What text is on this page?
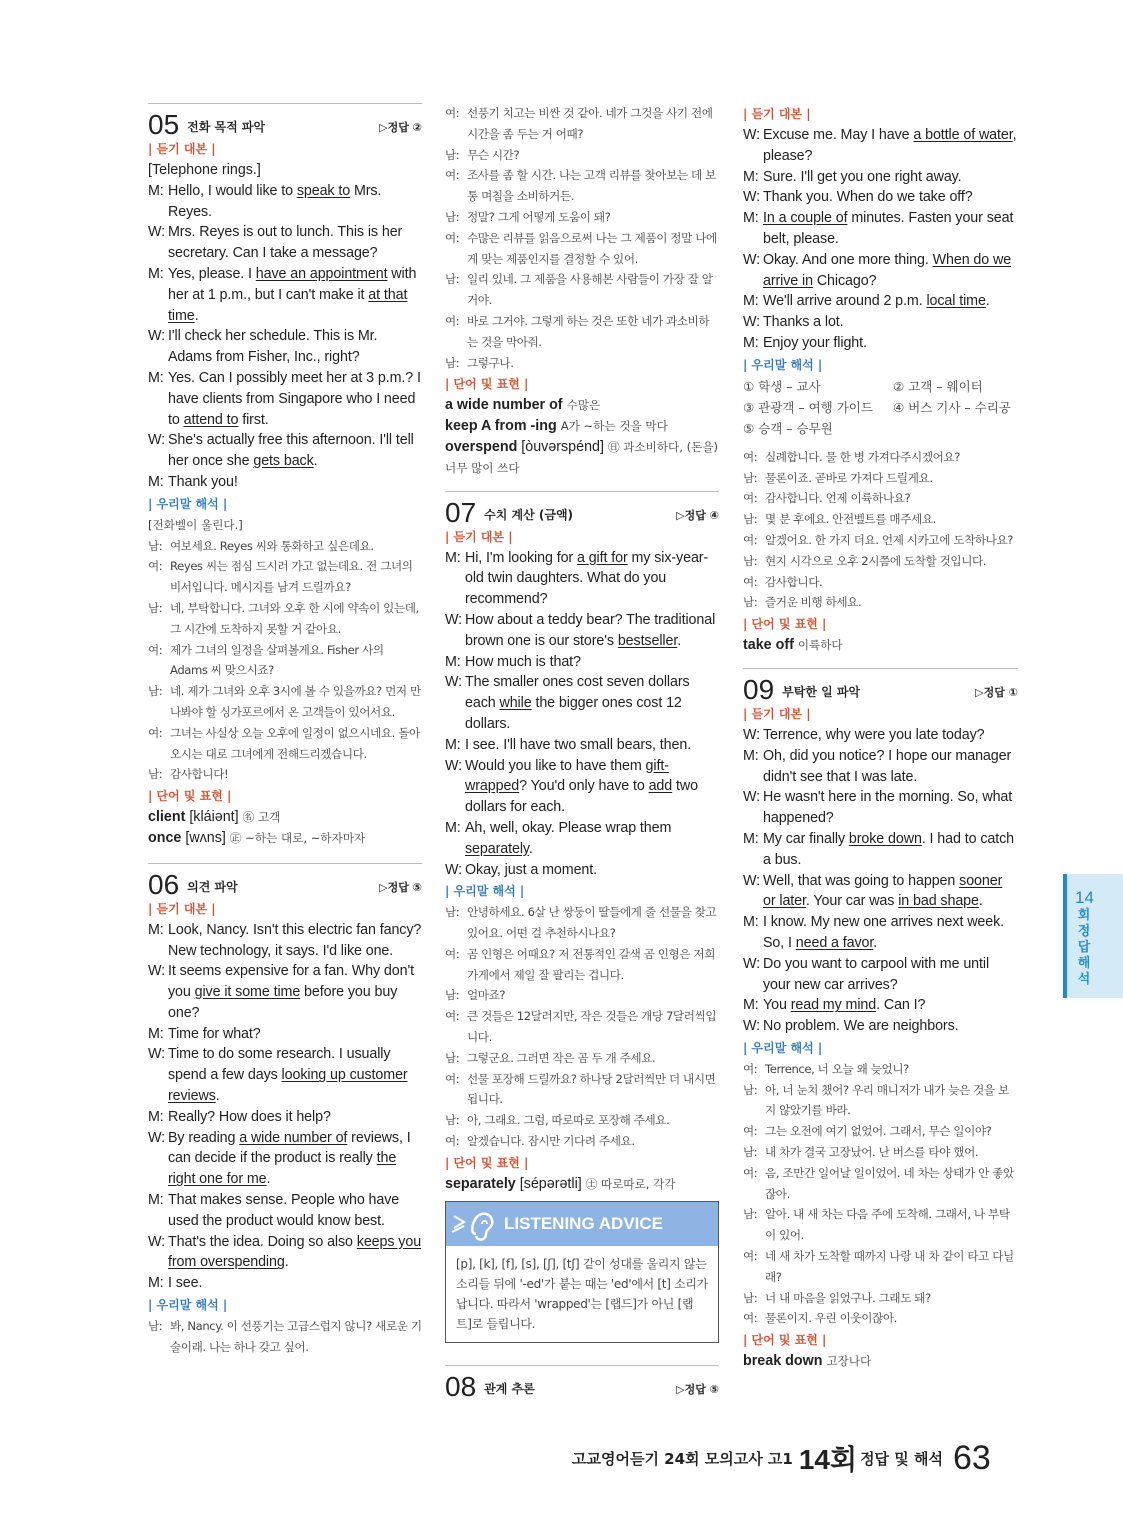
05 전화 목적 파악	▷정답 ②
| 듣기 대본 |
[Telephone rings.]
M: Hello, I would like to speak to Mrs. Reyes.
W: Mrs. Reyes is out to lunch. This is her secretary. Can I take a message?
M: Yes, please. I have an appointment with her at 1 p.m., but I can't make it at that time.
W: I'll check her schedule. This is Mr. Adams from Fisher, Inc., right?
M: Yes. Can I possibly meet her at 3 p.m.? I have clients from Singapore who I need to attend to first.
W: She's actually free this afternoon. I'll tell her once she gets back.
M: Thank you!
| 우리말 해석 |
[전화벨이 울린다.]
남: 여보세요. Reyes 씨와 통화하고 싶은데요.
여: Reyes 씨는 점심 드시러 가고 없는데요. 전 그녀의 비서입니다. 메시지를 남겨 드릴까요?
남: 네, 부탁합니다. 그녀와 오후 한 시에 약속이 있는데, 그 시간에 도착하지 못할 거 같아요.
여: 제가 그녀의 일정을 살펴볼게요. Fisher 사의 Adams 씨 맞으시죠?
남: 네. 제가 그녀와 오후 3시에 볼 수 있을까요? 먼저 만나봐야 할 싱가포르에서 온 고객들이 있어서요.
여: 그녀는 사실상 오늘 오후에 일정이 없으시네요. 돌아오시는 대로 그녀에게 전해드리겠습니다.
남: 감사합니다!
| 단어 및 표현 |
client [kláiənt] ㊔ 고객
once [wʌns] ㊣ ~하는 대로, ~하자마자
06 의견 파악	▷정답 ⑤
| 듣기 대본 |
M: Look, Nancy. Isn't this electric fan fancy? New technology, it says. I'd like one.
W: It seems expensive for a fan. Why don't you give it some time before you buy one?
M: Time for what?
W: Time to do some research. I usually spend a few days looking up customer reviews.
M: Really? How does it help?
W: By reading a wide number of reviews, I can decide if the product is really the right one for me.
M: That makes sense. People who have used the product would know best.
W: That's the idea. Doing so also keeps you from overspending.
M: I see.
| 우리말 해석 |
남: 봐, Nancy. 이 선풍기는 고급스럽지 않니? 새로운 기술이래. 나는 하나 갖고 싶어.
여: 선풍기 치고는 비싼 것 같아. 네가 그것을 사기 전에 시간을 좀 두는 거 어때?
남: 무슨 시간?
여: 조사를 좀 할 시간. 나는 고객 리뷰를 찾아보는 데 보통 며칠을 소비하거든.
남: 정말? 그게 어떻게 도움이 돼?
여: 수많은 리뷰를 읽음으로써 나는 그 제품이 정말 나에게 맞는 제품인지를 결정할 수 있어.
남: 일리 있네. 그 제품을 사용해본 사람들이 가장 잘 알 거야.
여: 바로 그거야. 그렇게 하는 것은 또한 네가 과소비하는 것을 막아줘.
남: 그렇구나.
| 단어 및 표현 |
a wide number of 수많은
keep A from -ing A가 ~하는 것을 막다
overspend [òuvərspénd] ㊐ 과소비하다, (돈을) 너무 많이 쓰다
07 수치 계산 (금액)	▷정답 ④
| 듣기 대본 |
M: Hi, I'm looking for a gift for my six-year-old twin daughters. What do you recommend?
W: How about a teddy bear? The traditional brown one is our store's bestseller.
M: How much is that?
W: The smaller ones cost seven dollars each while the bigger ones cost 12 dollars.
M: I see. I'll have two small bears, then.
W: Would you like to have them gift-wrapped? You'd only have to add two dollars for each.
M: Ah, well, okay. Please wrap them separately.
W: Okay, just a moment.
| 우리말 해석 |
남: 안녕하세요. 6살 난 쌍둥이 딸들에게 줄 선물을 찾고 있어요. 어떤 걸 추천하시나요?
여: 곰 인형은 어때요? 저 전통적인 갈색 곰 인형은 저희 가게에서 제일 잘 팔리는 겁니다.
남: 얼마죠?
여: 큰 것들은 12달러지만, 작은 것들은 개당 7달러씩입니다.
남: 그렇군요. 그러면 작은 곰 두 개 주세요.
여: 선물 포장해 드릴까요? 하나당 2달러씩만 더 내시면 됩니다.
남: 아, 그래요. 그럼, 따로따로 포장해 주세요.
여: 알겠습니다. 잠시만 기다려 주세요.
| 단어 및 표현 |
separately [sépərətli] ㊏ 따로따로, 각각
LISTENING ADVICE
[p], [k], [f], [s], [ʃ], [tʃ] 같이 성대를 울리지 않는 소리들 뒤에 '-ed'가 붙는 때는 'ed'에서 [t] 소리가 납니다. 따라서 'wrapped'는 [랩드]가 아닌 [랩트]로 들립니다.
08 관계 추론	▷정답 ⑤
| 듣기 대본 |
W: Excuse me. May I have a bottle of water, please?
M: Sure. I'll get you one right away.
W: Thank you. When do we take off?
M: In a couple of minutes. Fasten your seat belt, please.
W: Okay. And one more thing. When do we arrive in Chicago?
M: We'll arrive around 2 p.m. local time.
W: Thanks a lot.
M: Enjoy your flight.
| 우리말 해석 |
① 학생 – 교사	② 고객 – 웨이터
③ 관광객 – 여행 가이드	④ 버스 기사 – 수리공
⑤ 승객 – 승무원
여: 실례합니다. 물 한 병 가져다주시겠어요?
남: 물론이죠. 곧바로 가져다 드릴게요.
여: 감사합니다. 언제 이륙하나요?
남: 몇 분 후에요. 안전벨트를 매주세요.
여: 알겠어요. 한 가지 더요. 언제 시카고에 도착하나요?
남: 현지 시각으로 오후 2시쯤에 도착할 것입니다.
여: 감사합니다.
남: 즐거운 비행 하세요.
| 단어 및 표현 |
take off 이륙하다
09 부탁한 일 파악	▷정답 ①
| 듣기 대본 |
W: Terrence, why were you late today?
M: Oh, did you notice? I hope our manager didn't see that I was late.
W: He wasn't here in the morning. So, what happened?
M: My car finally broke down. I had to catch a bus.
W: Well, that was going to happen sooner or later. Your car was in bad shape.
M: I know. My new one arrives next week. So, I need a favor.
W: Do you want to carpool with me until your new car arrives?
M: You read my mind. Can I?
W: No problem. We are neighbors.
| 우리말 해석 |
여: Terrence, 너 오늘 왜 늦었니?
남: 아, 너 눈치 챘어? 우리 매니저가 내가 늦은 것을 보지 않았기를 바라.
여: 그는 오전에 여기 없었어. 그래서, 무슨 일이야?
남: 내 차가 결국 고장났어. 난 버스를 타야 했어.
여: 음, 조만간 일어날 일이었어. 네 차는 상태가 안 좋았잖아.
남: 알아. 내 새 차는 다음 주에 도착해. 그래서, 나 부탁이 있어.
여: 네 새 차가 도착할 때까지 나랑 내 차 같이 타고 다닐래?
남: 너 내 마음을 읽었구나. 그래도 돼?
여: 물론이지. 우린 이웃이잖아.
| 단어 및 표현 |
break down 고장나다
14
회
정
답
해
석
고교영어듣기 24회 모의고사 고1 14회 정답 및 해석 63
